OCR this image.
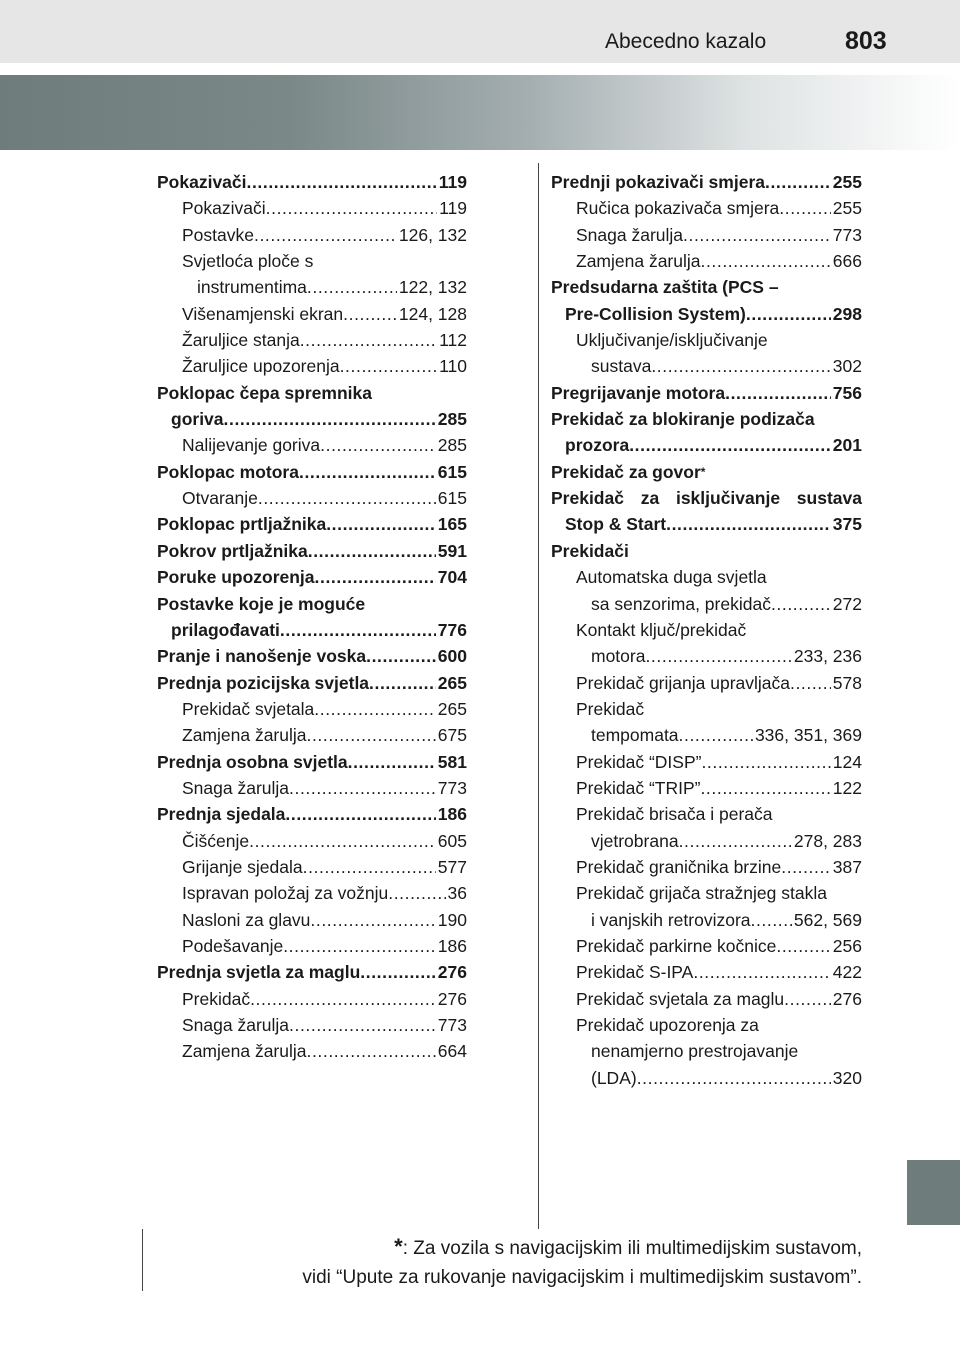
Abecedno kazalo	803
Pokazivači .....	119
Pokazivači .....	119
Postavke .....	126, 132
Svjetloća ploče s
instrumentima .....	122, 132
Višenamjenski ekran .....	124, 128
Žaruljice stanja .....	112
Žaruljice upozorenja .....	110
Poklopac čepa spremnika
goriva .....	285
Nalijevanje goriva .....	285
Poklopac motora .....	615
Otvaranje .....	615
Poklopac prtljažnika .....	165
Pokrov prtljažnika .....	591
Poruke upozorenja .....	704
Postavke koje je moguće
prilagođavati .....	776
Pranje i nanošenje voska .....	600
Prednja pozicijska svjetla .....	265
Prekidač svjetala .....	265
Zamjena žarulja .....	675
Prednja osobna svjetla .....	581
Snaga žarulja .....	773
Prednja sjedala .....	186
Čišćenje .....	605
Grijanje sjedala .....	577
Ispravan položaj za vožnju .....	36
Nasloni za glavu .....	190
Podešavanje .....	186
Prednja svjetla za maglu .....	276
Prekidač .....	276
Snaga žarulja .....	773
Zamjena žarulja .....	664
Prednji pokazivači smjera .....	255
Ručica pokazivača smjera .....	255
Snaga žarulja .....	773
Zamjena žarulja .....	666
Predsudarna zaštita (PCS –
Pre-Collision System) .....	298
Uključivanje/isključivanje
sustava .....	302
Pregrijavanje motora .....	756
Prekidač za blokiranje podizača
prozora .....	201
Prekidač za govor*
Prekidač za isključivanje sustava
Stop & Start .....	375
Prekidači
Automatska duga svjetla
sa senzorima, prekidač .....	272
Kontakt ključ/prekidač
motora .....	233, 236
Prekidač grijanja upravljača ..... 578
Prekidač
tempomata .....	336, 351, 369
Prekidač “DISP” .....	124
Prekidač “TRIP” .....	122
Prekidač brisača i perača
vjetrobrana .....	278, 283
Prekidač graničnika brzine .....	387
Prekidač grijača stražnjeg stakla
i vanjskih retrovizora ..... 562, 569
Prekidač parkirne kočnice .....	256
Prekidač S-IPA .....	422
Prekidač svjetala za maglu .....	276
Prekidač upozorenja za
nenamjerno prestrojavanje
(LDA) .....	320
*: Za vozila s navigacijskim ili multimedijskim sustavom,
vidi “Upute za rukovanje navigacijskim i multimedijskim sustavom”.
